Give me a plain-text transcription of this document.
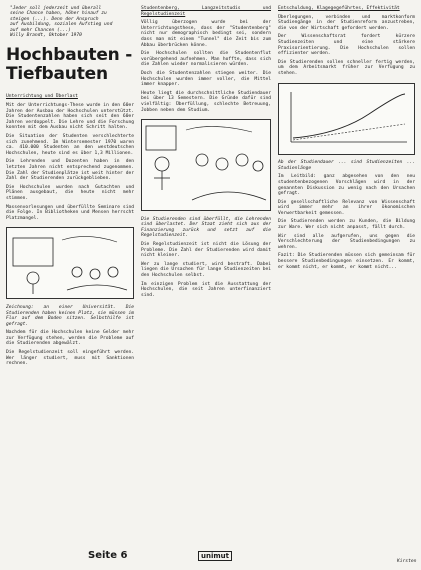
"Jeder soll jederzeit und überall
seine Chance haben, höher hinauf zu
steigen (...). Denn der Anspruch
auf Ausbildung, sozialen Aufstieg und
auf mehr Chancen (...)
Willy Brandt, Oktober 1970
Hochbauten -
Tiefbauten

Unterrichtung und Überlast

Mit der Unterrichtungs-These wurde in den 60er Jahren der Ausbau der Hochschulen unterstützt. Die Studentenzahlen haben sich seit den 60er Jahren verdoppelt. Die Lehre und die Forschung konnten mit dem Ausbau nicht Schritt halten.

Die Situation der Studenten verschlechterte sich zunehmend. Im Wintersemester 1970 waren ca. 410.000 Studenten an den westdeutschen Hochschulen, heute sind es über 1,3 Millionen.

Die Lehrenden und Dozenten haben in den letzten Jahren nicht entsprechend zugenommen. Die Zahl der Studienplätze ist weit hinter der Zahl der Studierenden zurückgeblieben.

Die Hochschulen wurden nach Gutachten und Plänen ausgebaut, die heute nicht mehr stimmen.

Massenvorlesungen und überfüllte Seminare sind die Folge. In Bibliotheken und Mensen herrscht Platzmangel.

Zeichnung: an einer Universität. Die Studierenden haben keinen Platz, sie müssen im Flur auf dem Boden sitzen. Selbsthilfe ist gefragt.

Nachdem für die Hochschulen keine Gelder mehr zur Verfügung stehen, werden die Probleme auf die Studierenden abgewälzt.

Die Regelstudienzeit soll eingeführt werden. Wer länger studiert, muss mit Sanktionen rechnen.

Studentenberg, Langzeitstudis und Regelstudienzeit

Völlig überzogen wurde bei der Unterrichtungsthese, dass der "Studentenberg" nicht nur demographisch bedingt sei, sondern dass man mit einem "Tunnel" die Zeit bis zum Abbau überbrücken könne.

Die Hochschulen sollten die Studentenflut vorübergehend aufnehmen. Man hoffte, dass sich die Zahlen wieder normalisieren würden.

Doch die Studentenzahlen stiegen weiter. Die Hochschulen wurden immer voller, die Mittel immer knapper.

Heute liegt die durchschnittliche Studiendauer bei über 13 Semestern. Die Gründe dafür sind vielfältig: Überfüllung, schlechte Betreuung, Jobben neben dem Studium.

Die Studierenden sind überfüllt, die Lehrenden sind überlastet. Der Staat zieht sich aus der Finanzierung zurück und setzt auf die Regelstudienzeit.

Die Regelstudienzeit ist nicht die Lösung der Probleme. Die Zahl der Studierenden wird damit nicht kleiner.

Wer zu lange studiert, wird bestraft. Dabei liegen die Ursachen für lange Studienzeiten bei den Hochschulen selbst.

Im einzigen Problem ist die Ausstattung der Hochschulen, die seit Jahren unterfinanziert sind.

Entschuldung, Klagegegeführtes, Effektivität

Überlegungen, verbinden und marktkonform Studiengänge in der Studienreform anzustreben, die von der Wirtschaft gefordert werden.

Der Wissenschaftsrat fordert kürzere Studienzeiten und eine stärkere Praxisorientierung. Die Hochschulen sollen effizienter werden.

Die Studierenden sollen schneller fertig werden, um dem Arbeitsmarkt früher zur Verfügung zu stehen.

Ab der Studiendauer ... sind Studienzeiten ... Studienlänge

Im Leitbild: ganz abgesehen von den neu studentenbezogenen Vorschlägen wird in der genannten Diskussion zu wenig nach den Ursachen gefragt.

Die gesellschaftliche Relevanz von Wissenschaft wird immer mehr an ihrer ökonomischen Verwertbarkeit gemessen.

Die Studierenden werden zu Kunden, die Bildung zur Ware. Wer sich nicht anpasst, fällt durch.

Wir sind alle aufgerufen, uns gegen die Verschlechterung der Studienbedingungen zu wehren.

Fazit: Die Studierenden müssen sich gemeinsam für bessere Studienbedingungen einsetzen. Er kommt, er kommt nicht, er kommt, er kommt nicht...

Seite 6	unimut
Kirsten
